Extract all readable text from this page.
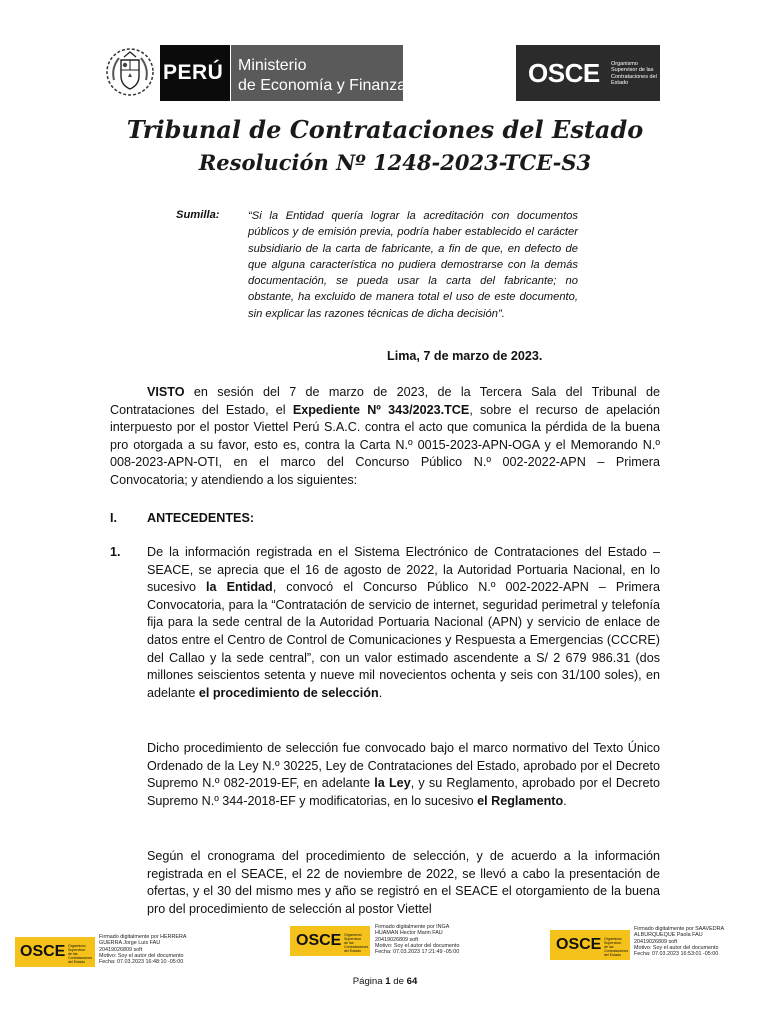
PERÚ Ministerio
de Economía y Finanzas	OSCE Organismo Supervisor de las Contrataciones del Estado
Tribunal de Contrataciones del Estado
Resolución Nº 1248-2023-TCE-S3
Sumilla:	“Si la Entidad quería lograr la acreditación con documentos públicos y de emisión previa, podría haber establecido el carácter subsidiario de la carta de fabricante, a fin de que, en defecto de que alguna característica no pudiera demostrarse con la demás documentación, se pueda usar la carta del fabricante; no obstante, ha excluido de manera total el uso de este documento, sin explicar las razones técnicas de dicha decisión”.
Lima, 7 de marzo de 2023.
VISTO en sesión del 7 de marzo de 2023, de la Tercera Sala del Tribunal de Contrataciones del Estado, el Expediente Nº 343/2023.TCE, sobre el recurso de apelación interpuesto por el postor Viettel Perú S.A.C. contra el acto que comunica la pérdida de la buena pro otorgada a su favor, esto es, contra la Carta N.º 0015-2023-APN-OGA y el Memorando N.º 008-2023-APN-OTI, en el marco del Concurso Público N.º 002-2022-APN – Primera Convocatoria; y atendiendo a los siguientes:
I. ANTECEDENTES:
1. De la información registrada en el Sistema Electrónico de Contrataciones del Estado – SEACE, se aprecia que el 16 de agosto de 2022, la Autoridad Portuaria Nacional, en lo sucesivo la Entidad, convocó el Concurso Público N.º 002-2022-APN – Primera Convocatoria, para la “Contratación de servicio de internet, seguridad perimetral y telefonía fija para la sede central de la Autoridad Portuaria Nacional (APN) y servicio de enlace de datos entre el Centro de Control de Comunicaciones y Respuesta a Emergencias (CCCRE) del Callao y la sede central”, con un valor estimado ascendente a S/ 2 679 986.31 (dos millones seiscientos setenta y nueve mil novecientos ochenta y seis con 31/100 soles), en adelante el procedimiento de selección.
Dicho procedimiento de selección fue convocado bajo el marco normativo del Texto Único Ordenado de la Ley N.º 30225, Ley de Contrataciones del Estado, aprobado por el Decreto Supremo N.º 082-2019-EF, en adelante la Ley, y su Reglamento, aprobado por el Decreto Supremo N.º 344-2018-EF y modificatorias, en lo sucesivo el Reglamento.
Según el cronograma del procedimiento de selección, y de acuerdo a la información registrada en el SEACE, el 22 de noviembre de 2022, se llevó a cabo la presentación de ofertas, y el 30 del mismo mes y año se registró en el SEACE el otorgamiento de la buena pro del procedimiento de selección al postor Viettel
OSCE Organismo Supervisor de las Contrataciones del Estado
Firmado digitalmente por HERRERA
GUERRA Jorge Luis FAU
20419026809 soft
Motivo: Soy el autor del documento
Fecha: 07.03.2023 16:48:10 -05:00
OSCE Organismo Supervisor de las Contrataciones del Estado
Firmado digitalmente por INGA
HUAMAN Hector Marin FAU
20419026809 soft
Motivo: Soy el autor del documento
Fecha: 07.03.2023 17:21:49 -05:00	OSCE Organismo Supervisor de las Contrataciones del Estado
Firmado digitalmente por SAAVEDRA
ALBURQUEQUE Paola FAU
20419026809 soft
Motivo: Soy el autor del documento
Fecha: 07.03.2023 16:53:01 -05:00
Página 1 de 64
